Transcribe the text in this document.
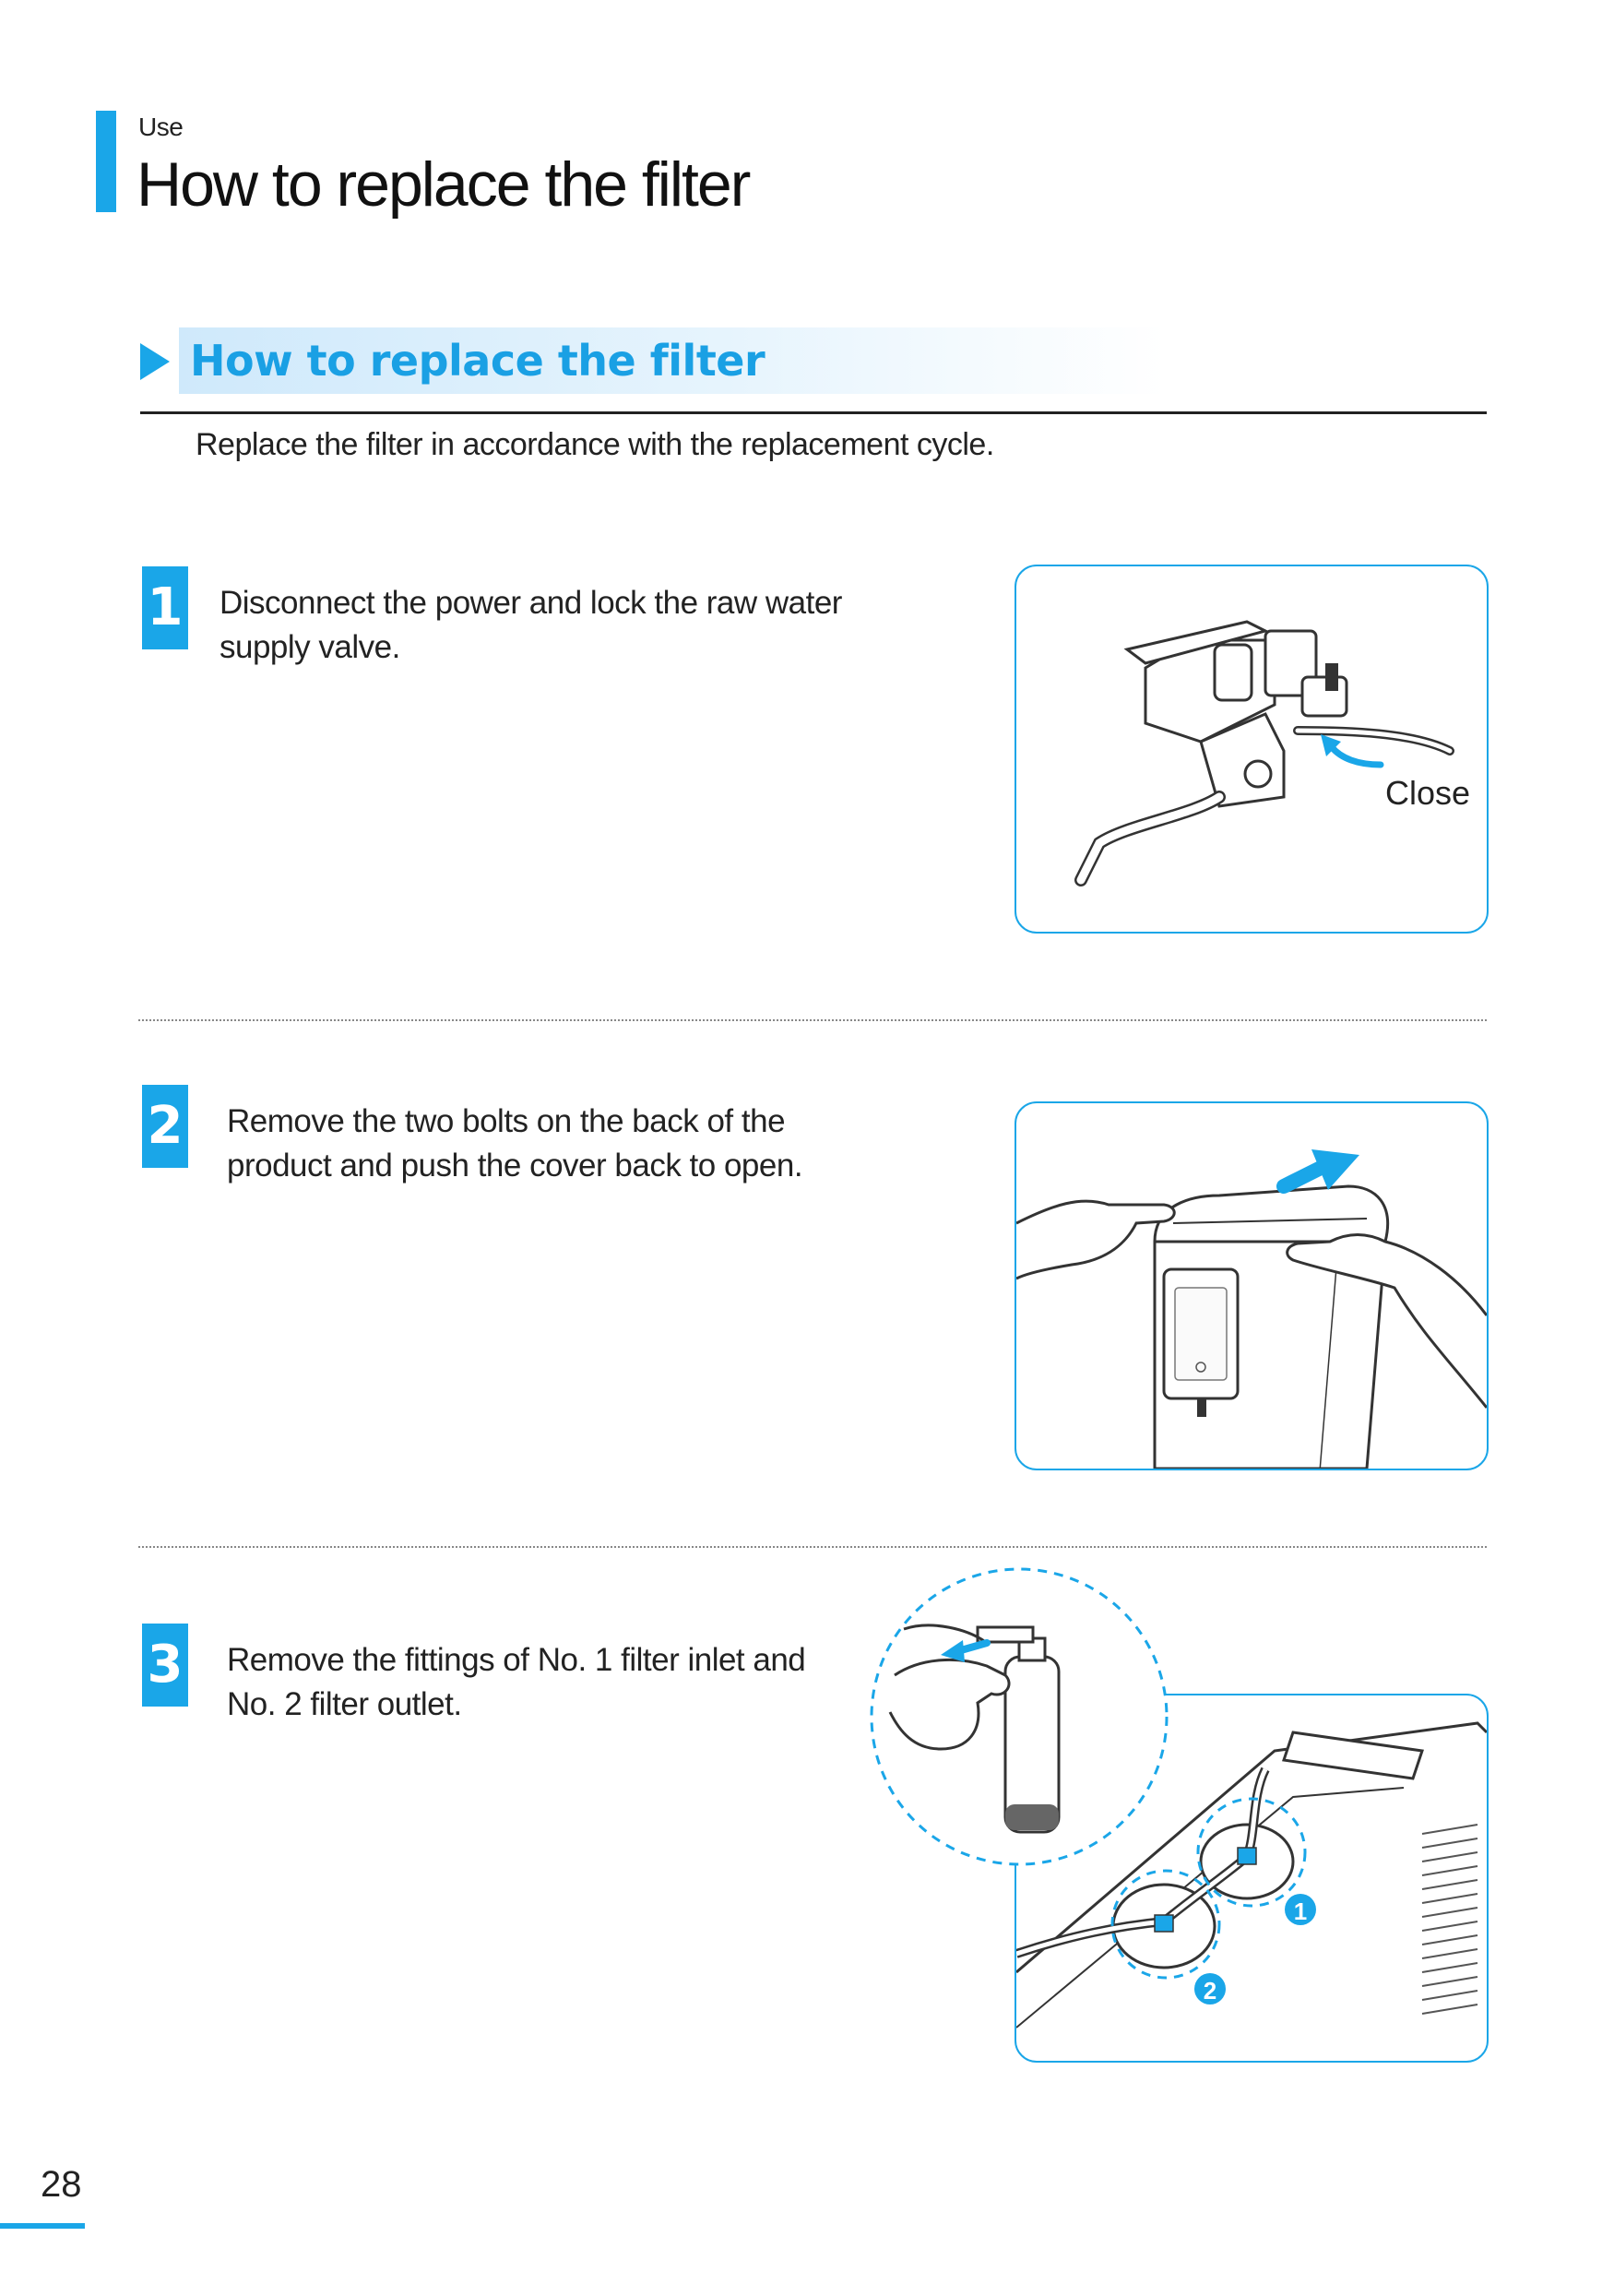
Use
How to replace the filter
How to replace the filter
Replace the filter in accordance with the replacement cycle.
1 Disconnect the power and lock the raw water
supply valve.
Close
2 Remove the two bolts on the back of the
product and push the cover back to open.
3 Remove the fittings of No. 1 filter inlet and
No. 2 filter outlet.
1
2
28
